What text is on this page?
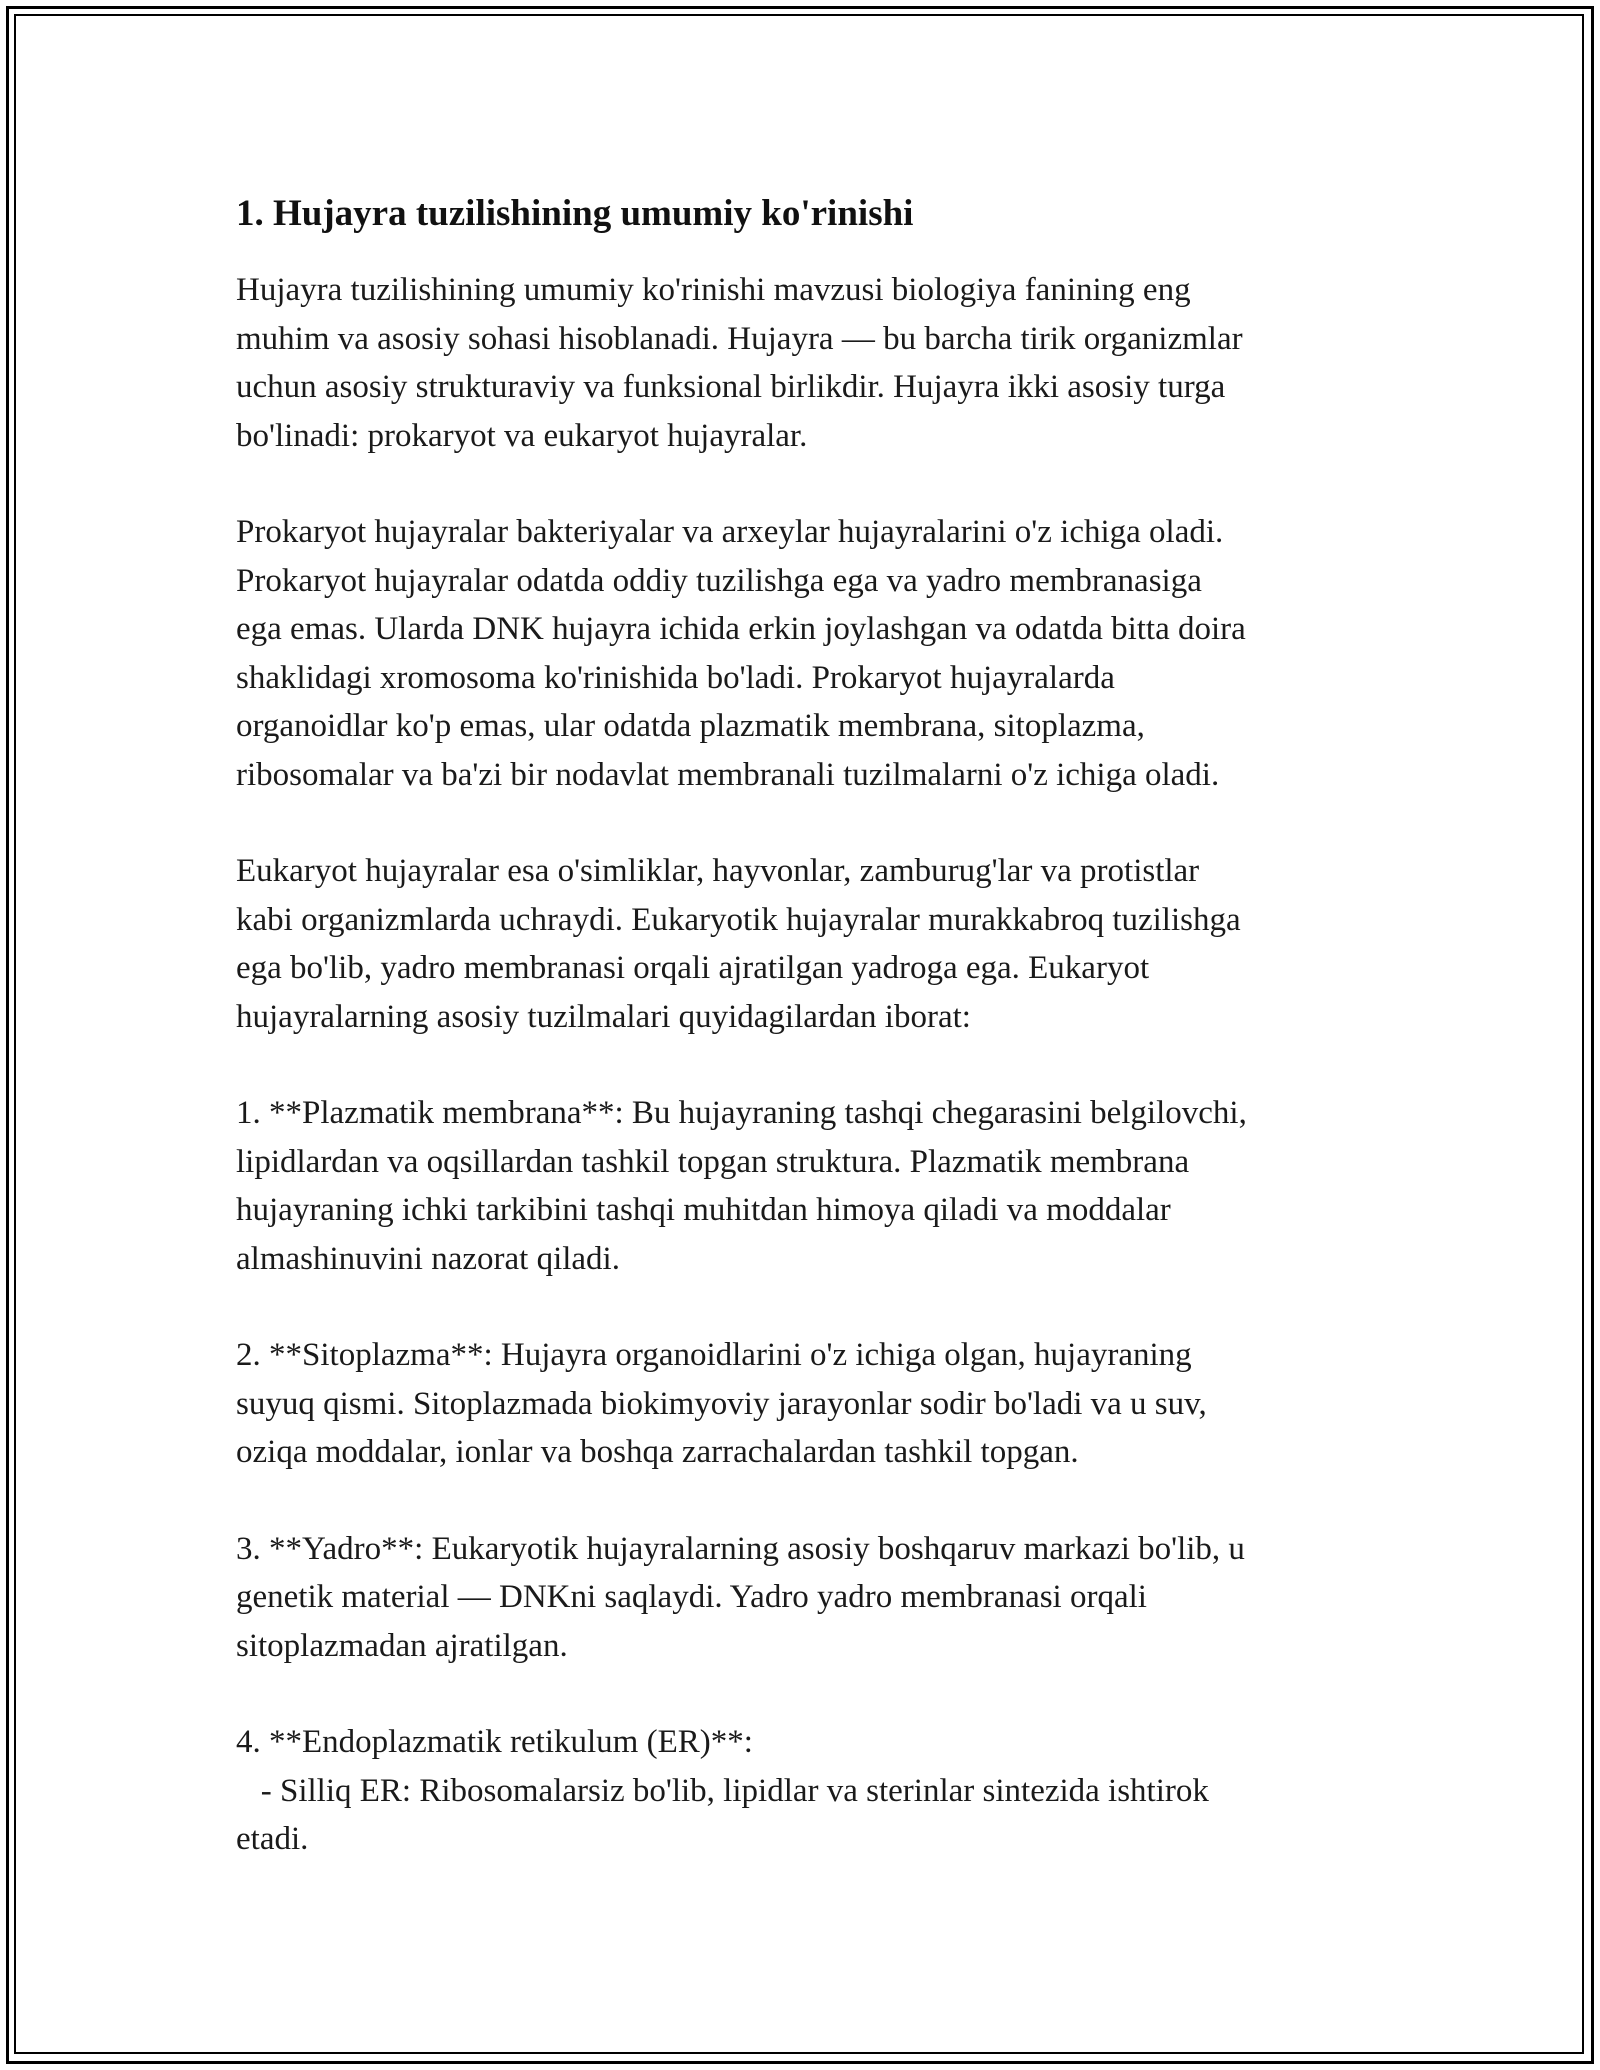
1. Hujayra tuzilishining umumiy ko'rinishi

Hujayra tuzilishining umumiy ko'rinishi mavzusi biologiya fanining eng
muhim va asosiy sohasi hisoblanadi. Hujayra — bu barcha tirik organizmlar
uchun asosiy strukturaviy va funksional birlikdir. Hujayra ikki asosiy turga
bo'linadi: prokaryot va eukaryot hujayralar.

Prokaryot hujayralar bakteriyalar va arxeylar hujayralarini o'z ichiga oladi.
Prokaryot hujayralar odatda oddiy tuzilishga ega va yadro membranasiga
ega emas. Ularda DNK hujayra ichida erkin joylashgan va odatda bitta doira
shaklidagi xromosoma ko'rinishida bo'ladi. Prokaryot hujayralarda
organoidlar ko'p emas, ular odatda plazmatik membrana, sitoplazma,
ribosomalar va ba'zi bir nodavlat membranali tuzilmalarni o'z ichiga oladi.

Eukaryot hujayralar esa o'simliklar, hayvonlar, zamburug'lar va protistlar
kabi organizmlarda uchraydi. Eukaryotik hujayralar murakkabroq tuzilishga
ega bo'lib, yadro membranasi orqali ajratilgan yadroga ega. Eukaryot
hujayralarning asosiy tuzilmalari quyidagilardan iborat:

1. **Plazmatik membrana**: Bu hujayraning tashqi chegarasini belgilovchi,
lipidlardan va oqsillardan tashkil topgan struktura. Plazmatik membrana
hujayraning ichki tarkibini tashqi muhitdan himoya qiladi va moddalar
almashinuvini nazorat qiladi.

2. **Sitoplazma**: Hujayra organoidlarini o'z ichiga olgan, hujayraning
suyuq qismi. Sitoplazmada biokimyoviy jarayonlar sodir bo'ladi va u suv,
oziqa moddalar, ionlar va boshqa zarrachalardan tashkil topgan.

3. **Yadro**: Eukaryotik hujayralarning asosiy boshqaruv markazi bo'lib, u
genetik material — DNKni saqlaydi. Yadro yadro membranasi orqali
sitoplazmadan ajratilgan.

4. **Endoplazmatik retikulum (ER)**:
- Silliq ER: Ribosomalarsiz bo'lib, lipidlar va sterinlar sintezida ishtirok
etadi.
